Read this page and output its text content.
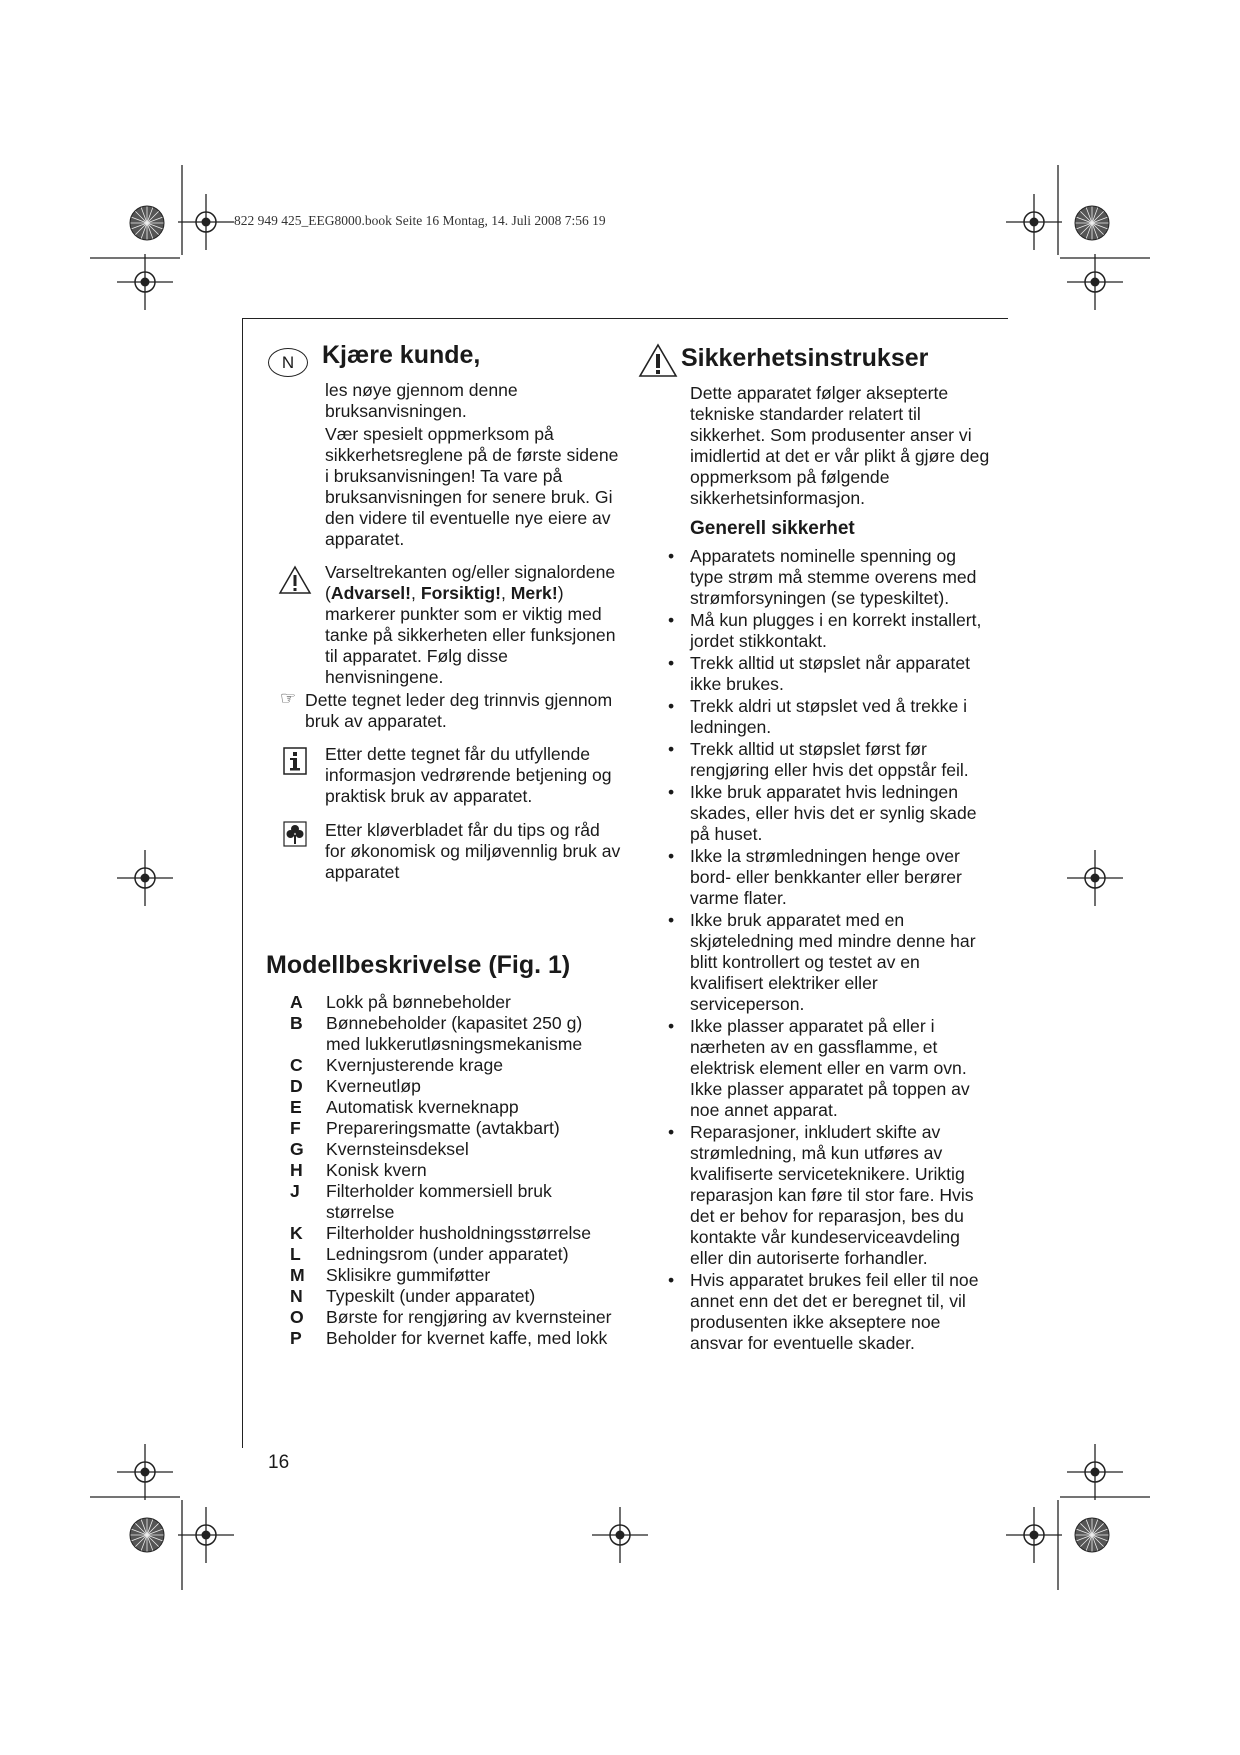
822 949 425_EEG8000.book Seite 16 Montag, 14. Juli 2008 7:56 19
N	Kjære kunde,

les nøye gjennom denne bruksanvisningen.

Vær spesielt oppmerksom på sikkerhetsreglene på de første sidene i bruksanvisningen! Ta vare på bruksanvisningen for senere bruk. Gi den videre til eventuelle nye eiere av apparatet.

Varseltrekanten og/eller signalordene (Advarsel!, Forsiktig!, Merk!) markerer punkter som er viktig med tanke på sikkerheten eller funksjonen til apparatet. Følg disse henvisningene.
☞ Dette tegnet leder deg trinnvis gjennom bruk av apparatet.
Etter dette tegnet får du utfyllende informasjon vedrørende betjening og praktisk bruk av apparatet.
Etter kløverbladet får du tips og råd for økonomisk og miljøvennlig bruk av apparatet
Modellbeskrivelse (Fig. 1)
A Lokk på bønnebeholder
B Bønnebeholder (kapasitet 250 g) med lukkerutløsningsmekanisme
C Kvernjusterende krage
D Kverneutløp
E Automatisk kverneknapp
F Prepareringsmatte (avtakbart)
G Kvernsteinsdeksel
H Konisk kvern
J Filterholder kommersiell bruk størrelse
K Filterholder husholdningsstørrelse
L Ledningsrom (under apparatet)
M Sklisikre gummiføtter
N Typeskilt (under apparatet)
O Børste for rengjøring av kvernsteiner
P Beholder for kvernet kaffe, med lokk
Sikkerhetsinstrukser
Dette apparatet følger aksepterte tekniske standarder relatert til sikkerhet. Som produsenter anser vi imidlertid at det er vår plikt å gjøre deg oppmerksom på følgende sikkerhetsinformasjon.
Generell sikkerhet
• Apparatets nominelle spenning og type strøm må stemme overens med strømforsyningen (se typeskiltet).
• Må kun plugges i en korrekt installert, jordet stikkontakt.
• Trekk alltid ut støpslet når apparatet ikke brukes.
• Trekk aldri ut støpslet ved å trekke i ledningen.
• Trekk alltid ut støpslet først før rengjøring eller hvis det oppstår feil.
• Ikke bruk apparatet hvis ledningen skades, eller hvis det er synlig skade på huset.
• Ikke la strømledningen henge over bord- eller benkkanter eller berører varme flater.
• Ikke bruk apparatet med en skjøteledning med mindre denne har blitt kontrollert og testet av en kvalifisert elektriker eller serviceperson.
• Ikke plasser apparatet på eller i nærheten av en gassflamme, et elektrisk element eller en varm ovn. Ikke plasser apparatet på toppen av noe annet apparat.
• Reparasjoner, inkludert skifte av strømledning, må kun utføres av kvalifiserte serviceteknikere. Uriktig reparasjon kan føre til stor fare. Hvis det er behov for reparasjon, bes du kontakte vår kundeserviceavdeling eller din autoriserte forhandler.
• Hvis apparatet brukes feil eller til noe annet enn det det er beregnet til, vil produsenten ikke akseptere noe ansvar for eventuelle skader.
16
